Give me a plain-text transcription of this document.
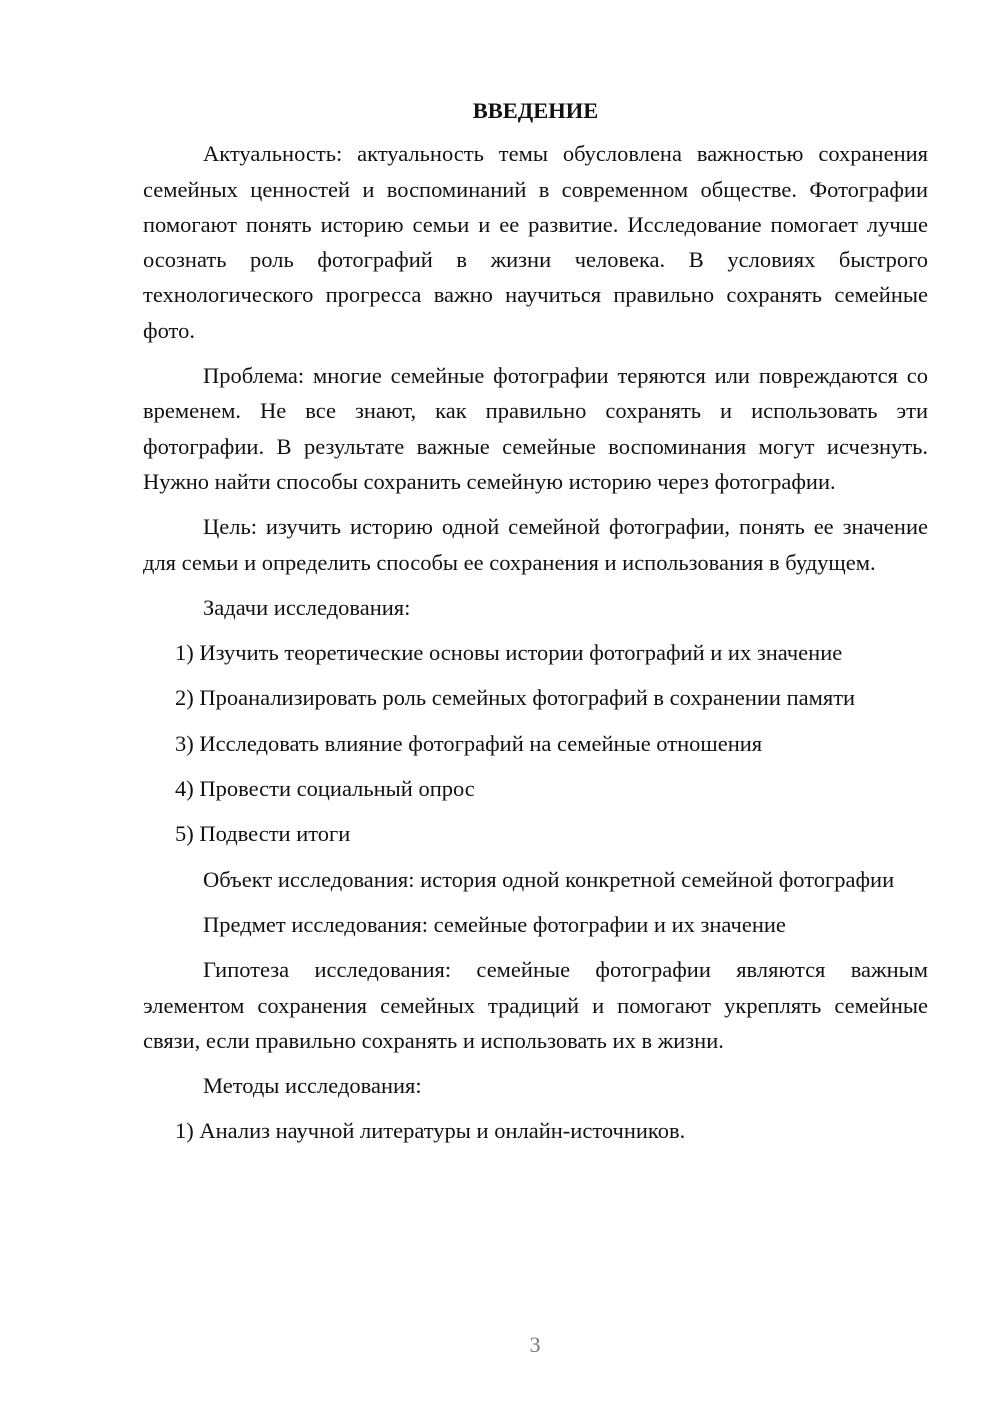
ВВЕДЕНИЕ

Актуальность: актуальность темы обусловлена важностью сохранения семейных ценностей и воспоминаний в современном обществе. Фотографии помогают понять историю семьи и ее развитие. Исследование помогает лучше осознать роль фотографий в жизни человека. В условиях быстрого технологического прогресса важно научиться правильно сохранять семейные фото.

Проблема: многие семейные фотографии теряются или повреждаются со временем. Не все знают, как правильно сохранять и использовать эти фотографии. В результате важные семейные воспоминания могут исчезнуть. Нужно найти способы сохранить семейную историю через фотографии.

Цель: изучить историю одной семейной фотографии, понять ее значение для семьи и определить способы ее сохранения и использования в будущем.

Задачи исследования:

1) Изучить теоретические основы истории фотографий и их значение

2) Проанализировать роль семейных фотографий в сохранении памяти

3) Исследовать влияние фотографий на семейные отношения

4) Провести социальный опрос

5) Подвести итоги

Объект исследования: история одной конкретной семейной фотографии

Предмет исследования: семейные фотографии и их значение

Гипотеза исследования: семейные фотографии являются важным элементом сохранения семейных традиций и помогают укреплять семейные связи, если правильно сохранять и использовать их в жизни.

Методы исследования:

1) Анализ научной литературы и онлайн-источников.

3
